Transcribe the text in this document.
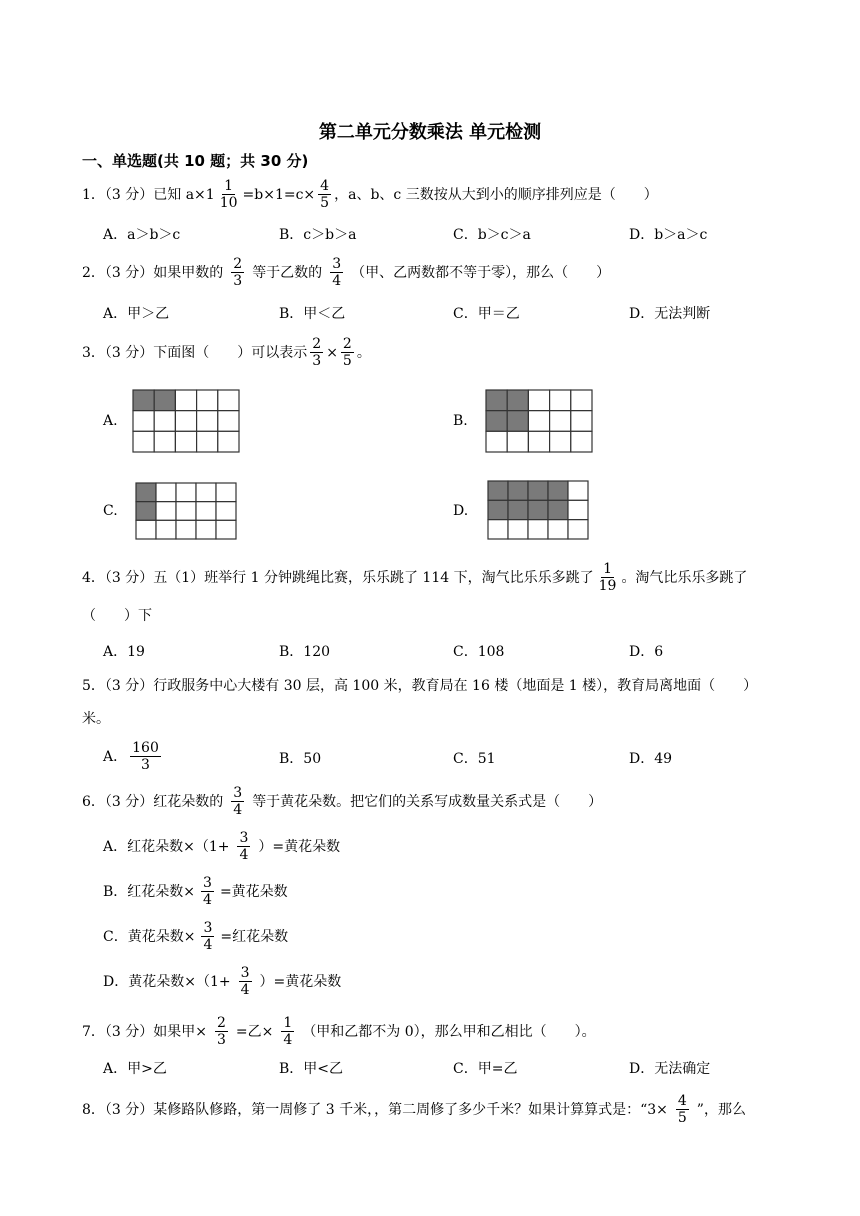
第二单元分数乘法 单元检测
一、单选题(共 10 题；共 30 分)
1．（3 分）已知 $a\times 1 \frac{1}{10} =b\times 1=c\times \frac{4}{5}$ ，a、b、c 三数按从大到小的顺序排列应是（　　）
A．a＞b＞c	B．c＞b＞a	C．b＞c＞a	D．b＞a＞c
2．（3 分）如果甲数的 $\frac{2}{3}$ 等于乙数的 $\frac{3}{4}$ （甲、乙两数都不等于零），那么（　　）
A．甲＞乙	B．甲＜乙	C．甲＝乙	D．无法判断
3．（3 分）下面图（　　）可以表示 $\frac{2}{3} \times \frac{2}{5}$ 。
A.	B.
C.	D.
4．（3 分）五（1）班举行 1 分钟跳绳比赛，乐乐跳了 114 下，淘气比乐乐多跳了 $\frac{1}{19}$ 。淘气比乐乐多跳了
（　　）下
A．19	B．120	C．108	D．6
5．（3 分）行政服务中心大楼有 30 层，高 100 米，教育局在 16 楼（地面是 1 楼），教育局离地面（　　）
米。
A． $\frac{160}{3}$	B．50	C．51	D．49
6．（3 分）红花朵数的 $\frac{3}{4}$ 等于黄花朵数。把它们的关系写成数量关系式是（　　）
A．红花朵数$\times(1+ \frac{3}{4}$ ）=黄花朵数
B．红花朵数× $\frac{3}{4}$ =黄花朵数
C．黄花朵数× $\frac{3}{4}$ =红花朵数
D．黄花朵数$\times(1+ \frac{3}{4}$ ）=黄花朵数
7．（3 分）如果甲× $\frac{2}{3}$ =乙× $\frac{1}{4}$ （甲和乙都不为 0），那么甲和乙相比（　　）。
A．甲>乙	B．甲<乙	C．甲=乙	D．无法确定
8．（3 分）某修路队修路，第一周修了 3 千米，，第二周修了多少千米？如果计算算式是：“$3\times \frac{4}{5}$ ”，那么
